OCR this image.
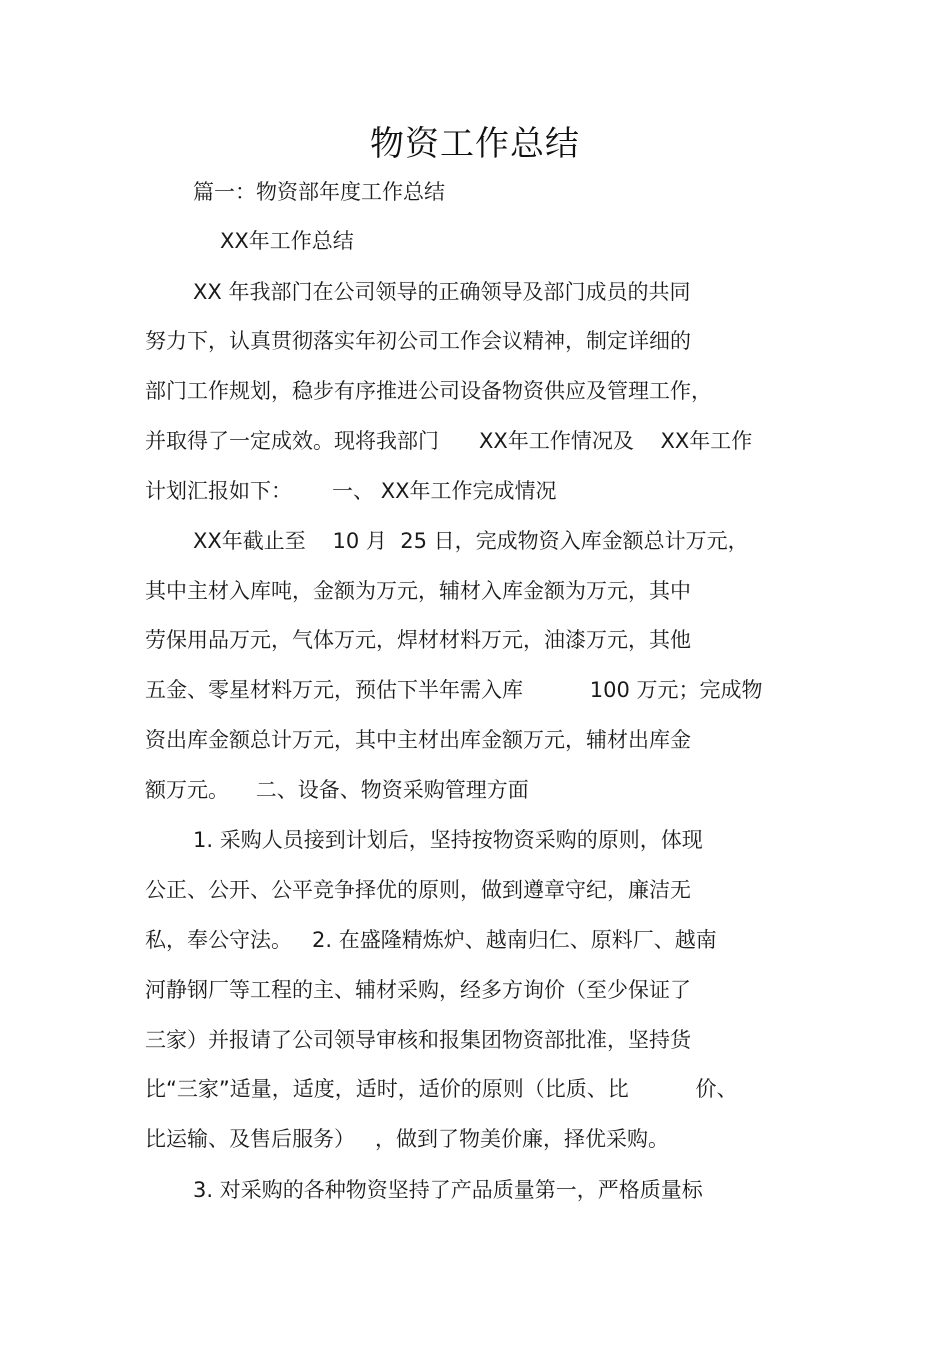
物资工作总结
篇一：物资部年度工作总结
XX年工作总结
XX 年我部门在公司领导的正确领导及部门成员的共同
努力下，认真贯彻落实年初公司工作会议精神，制定详细的
部门工作规划，稳步有序推进公司设备物资供应及管理工作，
并取得了一定成效。现将我部门      XX年工作情况及    XX年工作
计划汇报如下：      一、 XX年工作完成情况
XX年截止至    10 月  25 日，完成物资入库金额总计万元，
其中主材入库吨，金额为万元，辅材入库金额为万元，其中
劳保用品万元，气体万元，焊材材料万元，油漆万元，其他
五金、零星材料万元，预估下半年需入库          100 万元；完成物
资出库金额总计万元，其中主材出库金额万元，辅材出库金
额万元。    二、设备、物资采购管理方面
1. 采购人员接到计划后，坚持按物资采购的原则，体现
公正、公开、公平竞争择优的原则，做到遵章守纪，廉洁无
私，奉公守法。   2. 在盛隆精炼炉、越南归仁、原料厂、越南
河静钢厂等工程的主、辅材采购，经多方询价（至少保证了
三家）并报请了公司领导审核和报集团物资部批准，坚持货
比“三家”适量，适度，适时，适价的原则（比质、比          价、
比运输、及售后服务）   ，做到了物美价廉，择优采购。
3. 对采购的各种物资坚持了产品质量第一，严格质量标
